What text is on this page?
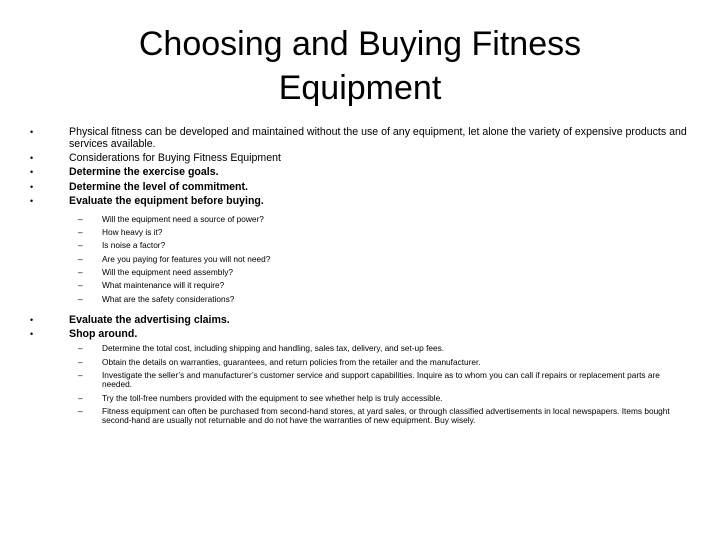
Choosing and Buying Fitness Equipment
•	Physical fitness can be developed and maintained without the use of any equipment, let alone the variety of expensive products and services available.
•	Considerations for Buying Fitness Equipment
•	Determine the exercise goals.
•	Determine the level of commitment.
•	Evaluate the equipment before buying.
– Will the equipment need a source of power?
– How heavy is it?
– Is noise a factor?
– Are you paying for features you will not need?
– Will the equipment need assembly?
– What maintenance will it require?
– What are the safety considerations?
•	Evaluate the advertising claims.
•	Shop around.
– Determine the total cost, including shipping and handling, sales tax, delivery, and set-up fees.
– Obtain the details on warranties, guarantees, and return policies from the retailer and the manufacturer.
– Investigate the seller’s and manufacturer’s customer service and support capabilities. Inquire as to whom you can call if repairs or replacement parts are needed.
– Try the toll-free numbers provided with the equipment to see whether help is truly accessible.
– Fitness equipment can often be purchased from second-hand stores, at yard sales, or through classified advertisements in local newspapers. Items bought second-hand are usually not returnable and do not have the warranties of new equipment. Buy wisely.
